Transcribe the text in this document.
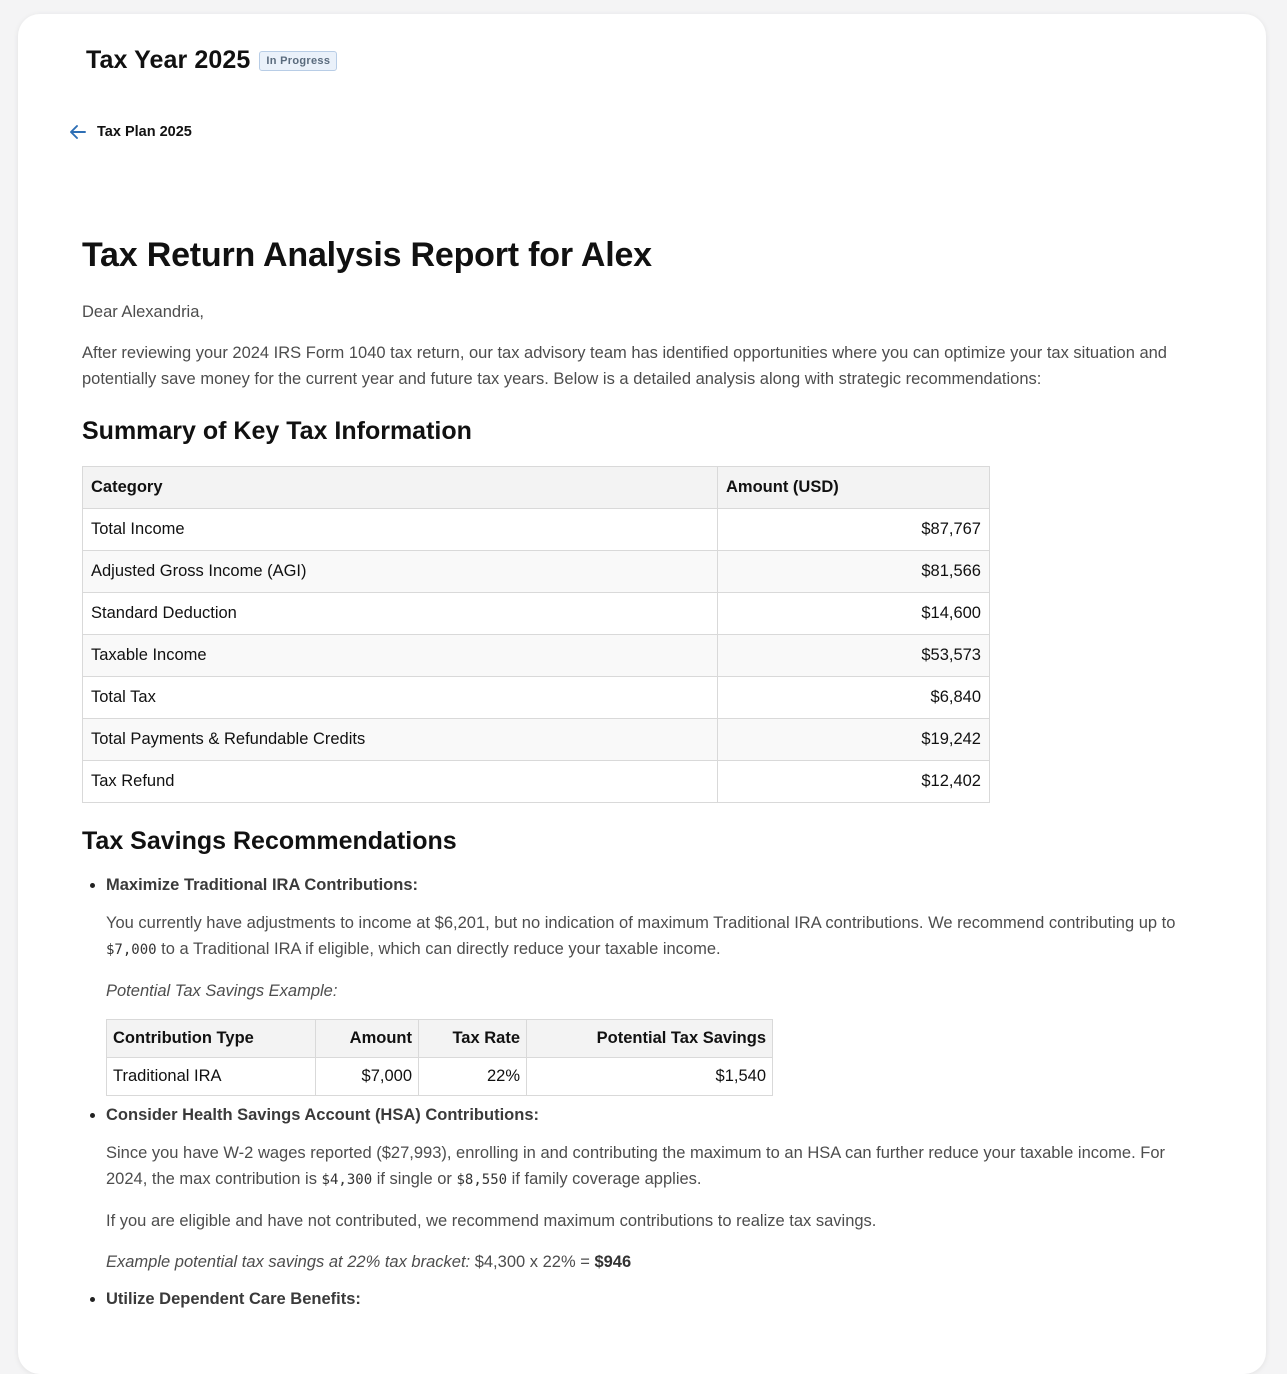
Tax Year 2025	In Progress
Tax Plan 2025
Tax Return Analysis Report for Alex

Dear Alexandria,

After reviewing your 2024 IRS Form 1040 tax return, our tax advisory team has identified opportunities where you can optimize your tax situation and potentially save money for the current year and future tax years. Below is a detailed analysis along with strategic recommendations:

Summary of Key Tax Information
Category	Amount (USD)
Total Income	$87,767
Adjusted Gross Income (AGI)	$81,566
Standard Deduction	$14,600
Taxable Income	$53,573
Total Tax	$6,840
Total Payments & Refundable Credits	$19,242
Tax Refund	$12,402
Tax Savings Recommendations
• Maximize Traditional IRA Contributions:

You currently have adjustments to income at $6,201, but no indication of maximum Traditional IRA contributions. We recommend contributing up to $7,000 to a Traditional IRA if eligible, which can directly reduce your taxable income.

Potential Tax Savings Example:

Contribution Type	Amount	Tax Rate	Potential Tax Savings
Traditional IRA	$7,000	22%	$1,540
• Consider Health Savings Account (HSA) Contributions:

Since you have W-2 wages reported ($27,993), enrolling in and contributing the maximum to an HSA can further reduce your taxable income. For 2024, the max contribution is $4,300 if single or $8,550 if family coverage applies.

If you are eligible and have not contributed, we recommend maximum contributions to realize tax savings.

Example potential tax savings at 22% tax bracket: $4,300 x 22% = $946

• Utilize Dependent Care Benefits:
